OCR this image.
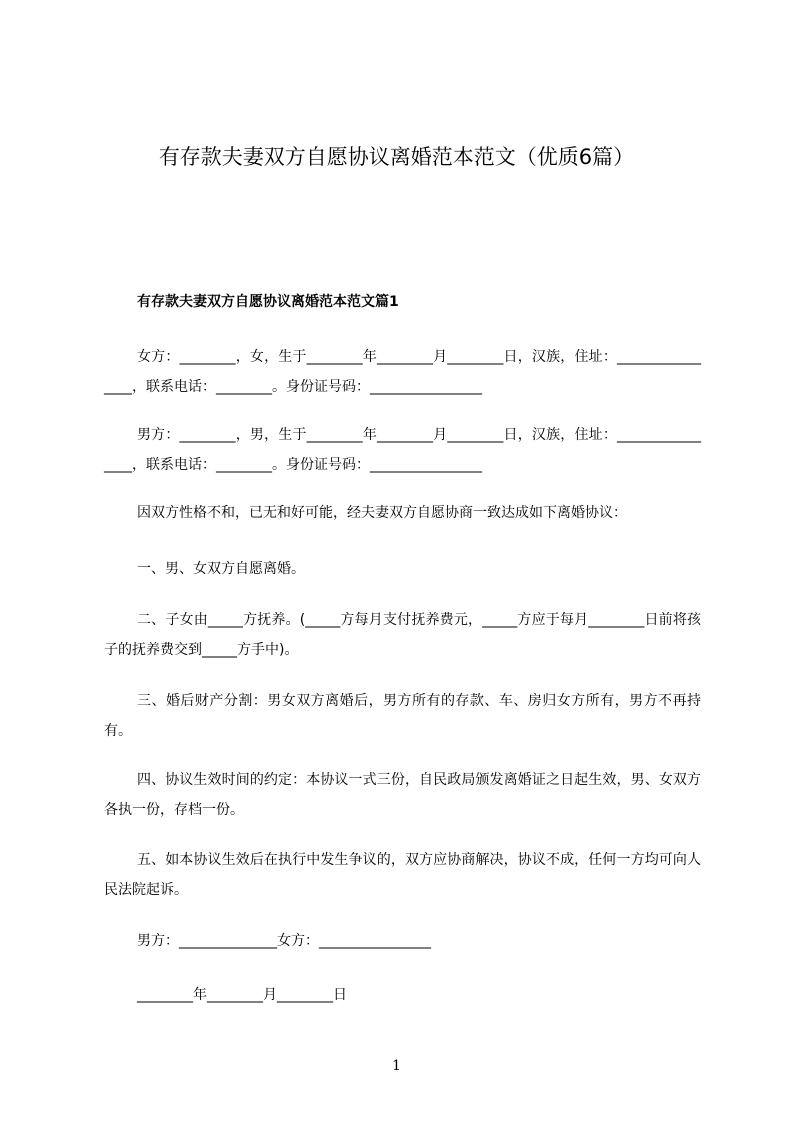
有存款夫妻双方自愿协议离婚范本范文（优质6篇）
有存款夫妻双方自愿协议离婚范本范文篇1

女方：________，女，生于________年________月________日，汉族，住址：________________，联系电话：________。身份证号码：________________

男方：________，男，生于________年________月________日，汉族，住址：________________，联系电话：________。身份证号码：________________

因双方性格不和，已无和好可能，经夫妻双方自愿协商一致达成如下离婚协议：

一、男、女双方自愿离婚。

二、子女由_____方抚养。(_____方每月支付抚养费元，_____方应于每月________日前将孩子的抚养费交到_____方手中)。

三、婚后财产分割：男女双方离婚后，男方所有的存款、车、房归女方所有，男方不再持有。

四、协议生效时间的约定：本协议一式三份，自民政局颁发离婚证之日起生效，男、女双方各执一份，存档一份。

五、如本协议生效后在执行中发生争议的，双方应协商解决，协议不成，任何一方均可向人民法院起诉。

男方：______________女方：________________

________年________月________日

1
